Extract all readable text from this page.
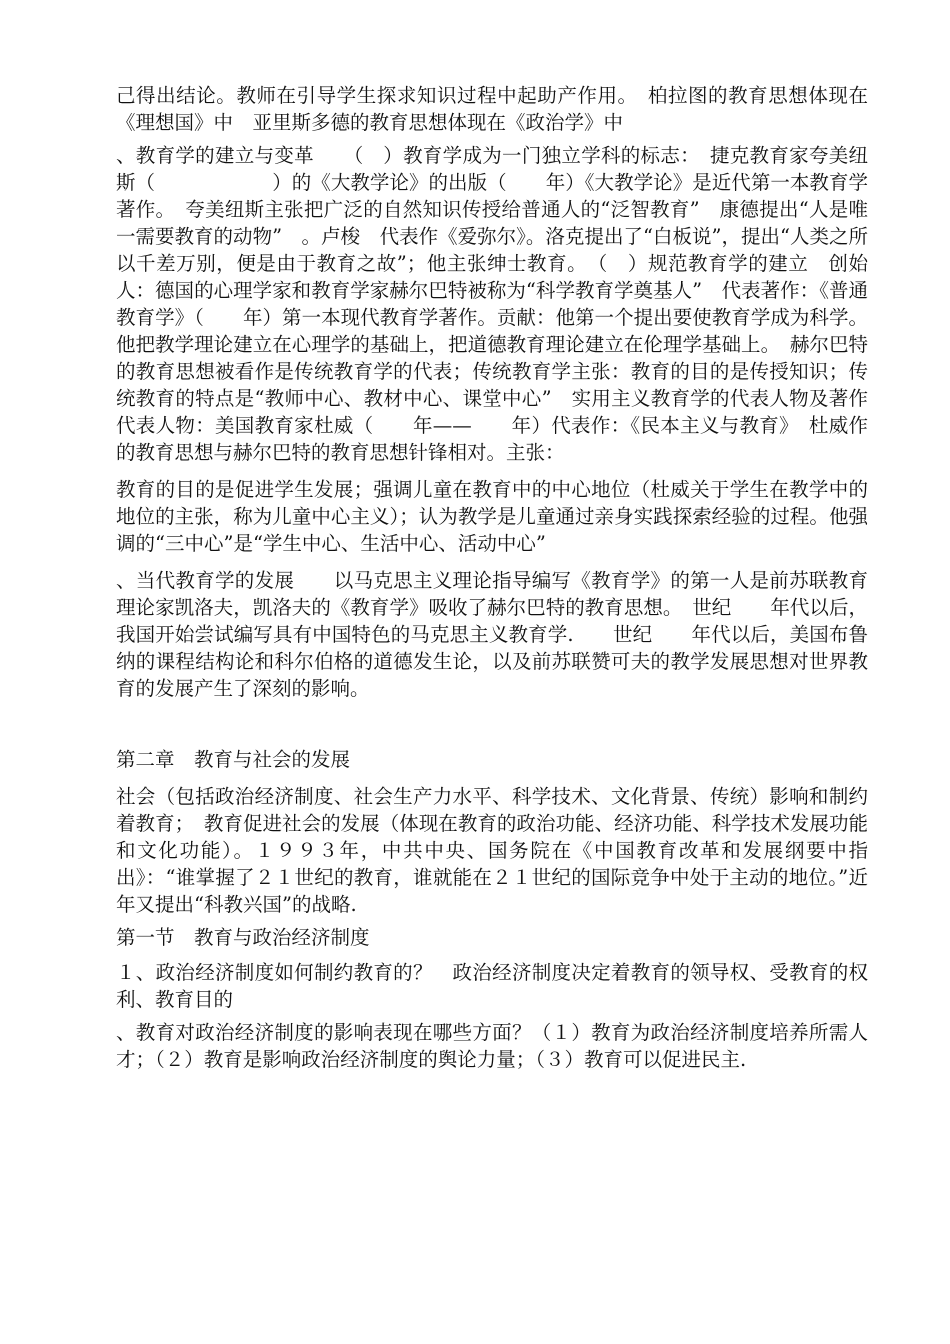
己得出结论。教师在引导学生探求知识过程中起助产作用。　柏拉图的教育思想体现在《理想国》中　亚里斯多德的教育思想体现在《政治学》中

、教育学的建立与变革　　（　）教育学成为一门独立学科的标志：　捷克教育家夸美纽斯（　　　　　　）的《大教学论》的出版（　　年）《大教学论》是近代第一本教育学著作。　夸美纽斯主张把广泛的自然知识传授给普通人的“泛智教育”　康德提出“人是唯一需要教育的动物”　。卢梭　代表作《爱弥尔》。洛克提出了“白板说”，提出“人类之所以千差万别，便是由于教育之故”；他主张绅士教育。　（　）规范教育学的建立　创始人：德国的心理学家和教育学家赫尔巴特被称为“科学教育学奠基人”　代表著作：《普通教育学》（　　年）第一本现代教育学著作。贡献：他第一个提出要使教育学成为科学。他把教学理论建立在心理学的基础上，把道德教育理论建立在伦理学基础上。　赫尔巴特的教育思想被看作是传统教育学的代表；传统教育学主张：教育的目的是传授知识；传统教育的特点是“教师中心、教材中心、课堂中心”　实用主义教育学的代表人物及著作　　　代表人物：美国教育家杜威（　　年——　　年）代表作：《民本主义与教育》　杜威作的教育思想与赫尔巴特的教育思想针锋相对。主张：

教育的目的是促进学生发展；强调儿童在教育中的中心地位（杜威关于学生在教学中的地位的主张，称为儿童中心主义）；认为教学是儿童通过亲身实践探索经验的过程。他强调的“三中心”是“学生中心、生活中心、活动中心”

、当代教育学的发展　　以马克思主义理论指导编写《教育学》的第一人是前苏联教育理论家凯洛夫，凯洛夫的《教育学》吸收了赫尔巴特的教育思想。　世纪　　年代以后，我国开始尝试编写具有中国特色的马克思主义教育学.　　世纪　　年代以后，美国布鲁纳的课程结构论和科尔伯格的道德发生论，以及前苏联赞可夫的教学发展思想对世界教育的发展产生了深刻的影响。

第二章　教育与社会的发展

社会（包括政治经济制度、社会生产力水平、科学技术、文化背景、传统）影响和制约着教育；　教育促进社会的发展（体现在教育的政治功能、经济功能、科学技术发展功能和文化功能）。１９９３年，中共中央、国务院在《中国教育改革和发展纲要中指出》：“谁掌握了２１世纪的教育，谁就能在２１世纪的国际竞争中处于主动的地位。”近年又提出“科教兴国”的战略.

第一节　教育与政治经济制度

１、政治经济制度如何制约教育的？　政治经济制度决定着教育的领导权、受教育的权利、教育目的

、教育对政治经济制度的影响表现在哪些方面？（１）教育为政治经济制度培养所需人才；（２）教育是影响政治经济制度的舆论力量；（３）教育可以促进民主.
